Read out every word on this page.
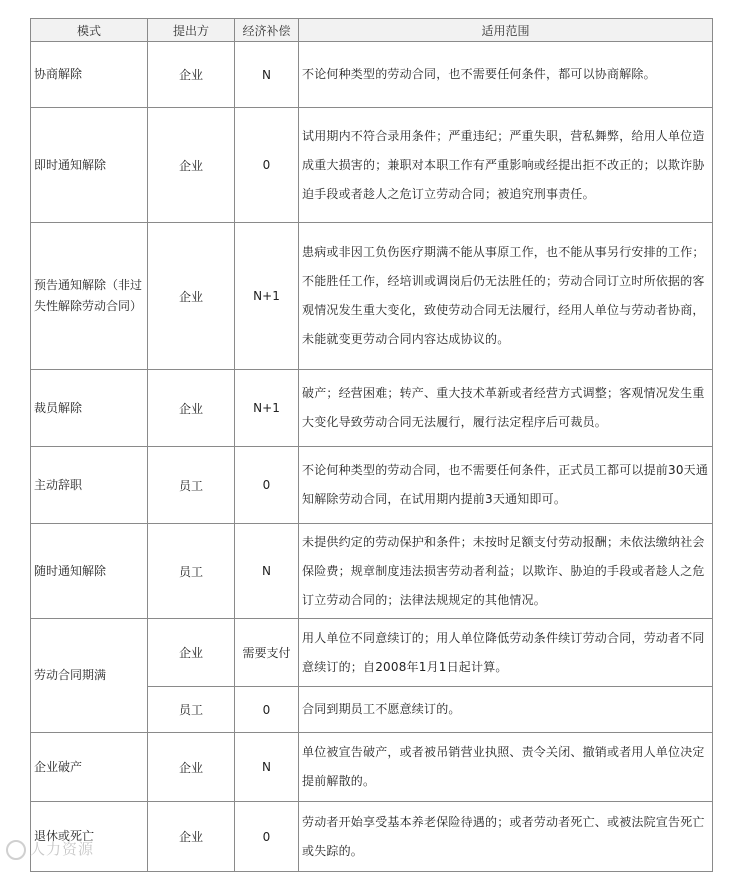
模式	提出方	经济补偿	适用范围
协商解除	企业	N	不论何种类型的劳动合同，也不需要任何条件，都可以协商解除。
即时通知解除	企业	0	试用期内不符合录用条件；严重违纪；严重失职，营私舞弊，给用人单位造成重大损害的；兼职对本职工作有严重影响或经提出拒不改正的；以欺诈胁迫手段或者趁人之危订立劳动合同；被追究刑事责任。
预告通知解除（非过失性解除劳动合同）	企业	N+1	患病或非因工负伤医疗期满不能从事原工作，也不能从事另行安排的工作；不能胜任工作，经培训或调岗后仍无法胜任的；劳动合同订立时所依据的客观情况发生重大变化，致使劳动合同无法履行，经用人单位与劳动者协商，未能就变更劳动合同内容达成协议的。
裁员解除	企业	N+1	破产；经营困难；转产、重大技术革新或者经营方式调整；客观情况发生重大变化导致劳动合同无法履行，履行法定程序后可裁员。
主动辞职	员工	0	不论何种类型的劳动合同，也不需要任何条件，正式员工都可以提前30天通知解除劳动合同，在试用期内提前3天通知即可。
随时通知解除	员工	N	未提供约定的劳动保护和条件；未按时足额支付劳动报酬；未依法缴纳社会保险费；规章制度违法损害劳动者利益；以欺诈、胁迫的手段或者趁人之危订立劳动合同的；法律法规规定的其他情况。
劳动合同期满	企业	需要支付	用人单位不同意续订的；用人单位降低劳动条件续订劳动合同，劳动者不同意续订的；自2008年1月1日起计算。
	员工	0	合同到期员工不愿意续订的。
企业破产	企业	N	单位被宣告破产，或者被吊销营业执照、责令关闭、撤销或者用人单位决定提前解散的。
退休或死亡	企业	0	劳动者开始享受基本养老保险待遇的；或者劳动者死亡、或被法院宣告死亡或失踪的。
人力资源
